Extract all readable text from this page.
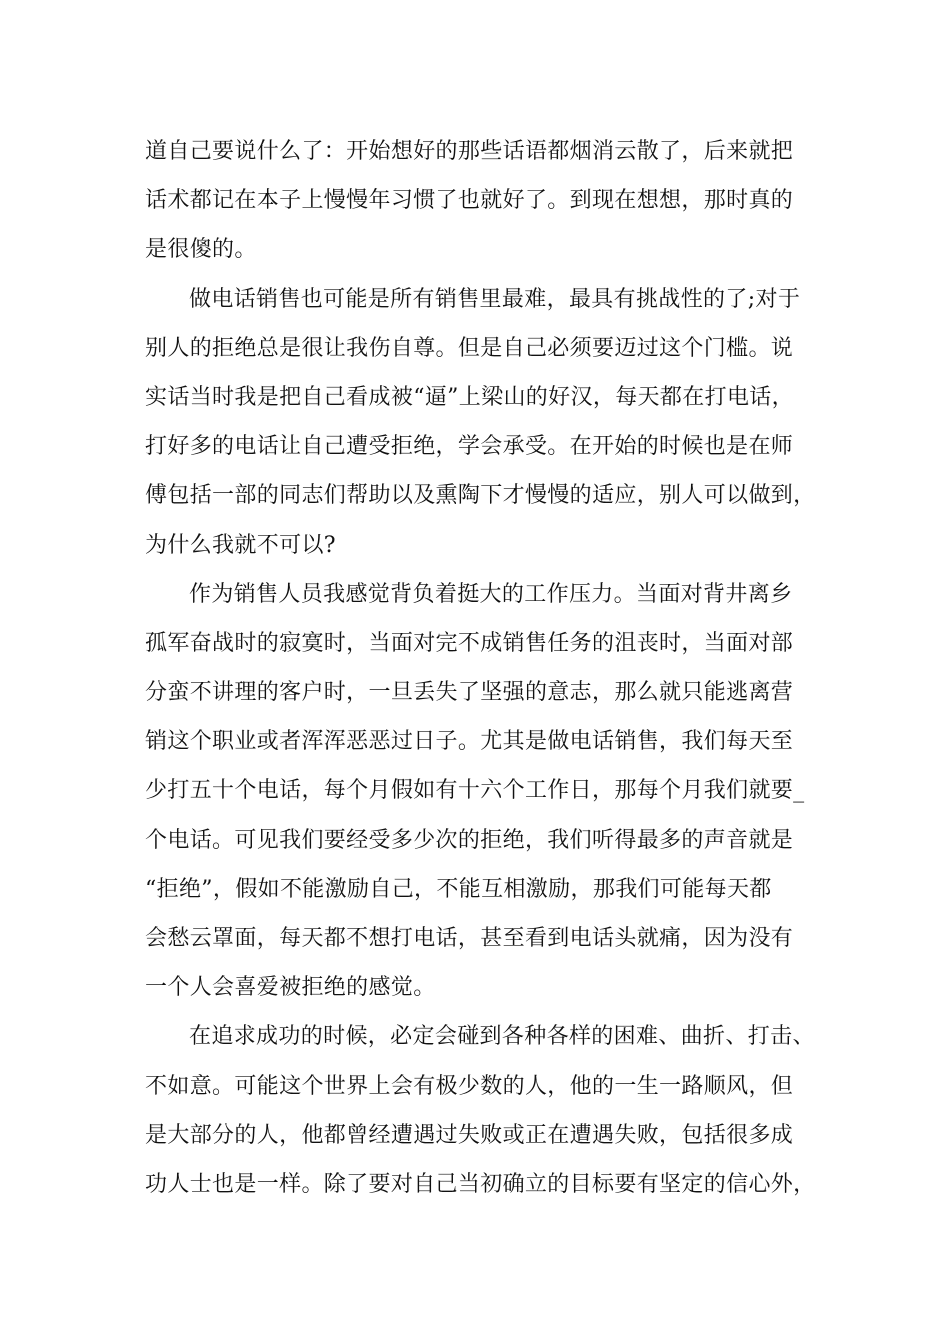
道自己要说什么了：开始想好的那些话语都烟消云散了，后来就把
话术都记在本子上慢慢年习惯了也就好了。到现在想想，那时真的
是很傻的。
做电话销售也可能是所有销售里最难，最具有挑战性的了;对于
别人的拒绝总是很让我伤自尊。但是自己必须要迈过这个门槛。说
实话当时我是把自己看成被“逼”上梁山的好汉，每天都在打电话，
打好多的电话让自己遭受拒绝，学会承受。在开始的时候也是在师
傅包括一部的同志们帮助以及熏陶下才慢慢的适应，别人可以做到，
为什么我就不可以?
作为销售人员我感觉背负着挺大的工作压力。当面对背井离乡
孤军奋战时的寂寞时，当面对完不成销售任务的沮丧时，当面对部
分蛮不讲理的客户时，一旦丢失了坚强的意志，那么就只能逃离营
销这个职业或者浑浑恶恶过日子。尤其是做电话销售，我们每天至
少打五十个电话，每个月假如有十六个工作日，那每个月我们就要_
个电话。可见我们要经受多少次的拒绝，我们听得最多的声音就是
“拒绝”，假如不能激励自己，不能互相激励，那我们可能每天都
会愁云罩面，每天都不想打电话，甚至看到电话头就痛，因为没有
一个人会喜爱被拒绝的感觉。
在追求成功的时候，必定会碰到各种各样的困难、曲折、打击、
不如意。可能这个世界上会有极少数的人，他的一生一路顺风，但
是大部分的人，他都曾经遭遇过失败或正在遭遇失败，包括很多成
功人士也是一样。除了要对自己当初确立的目标要有坚定的信心外，
